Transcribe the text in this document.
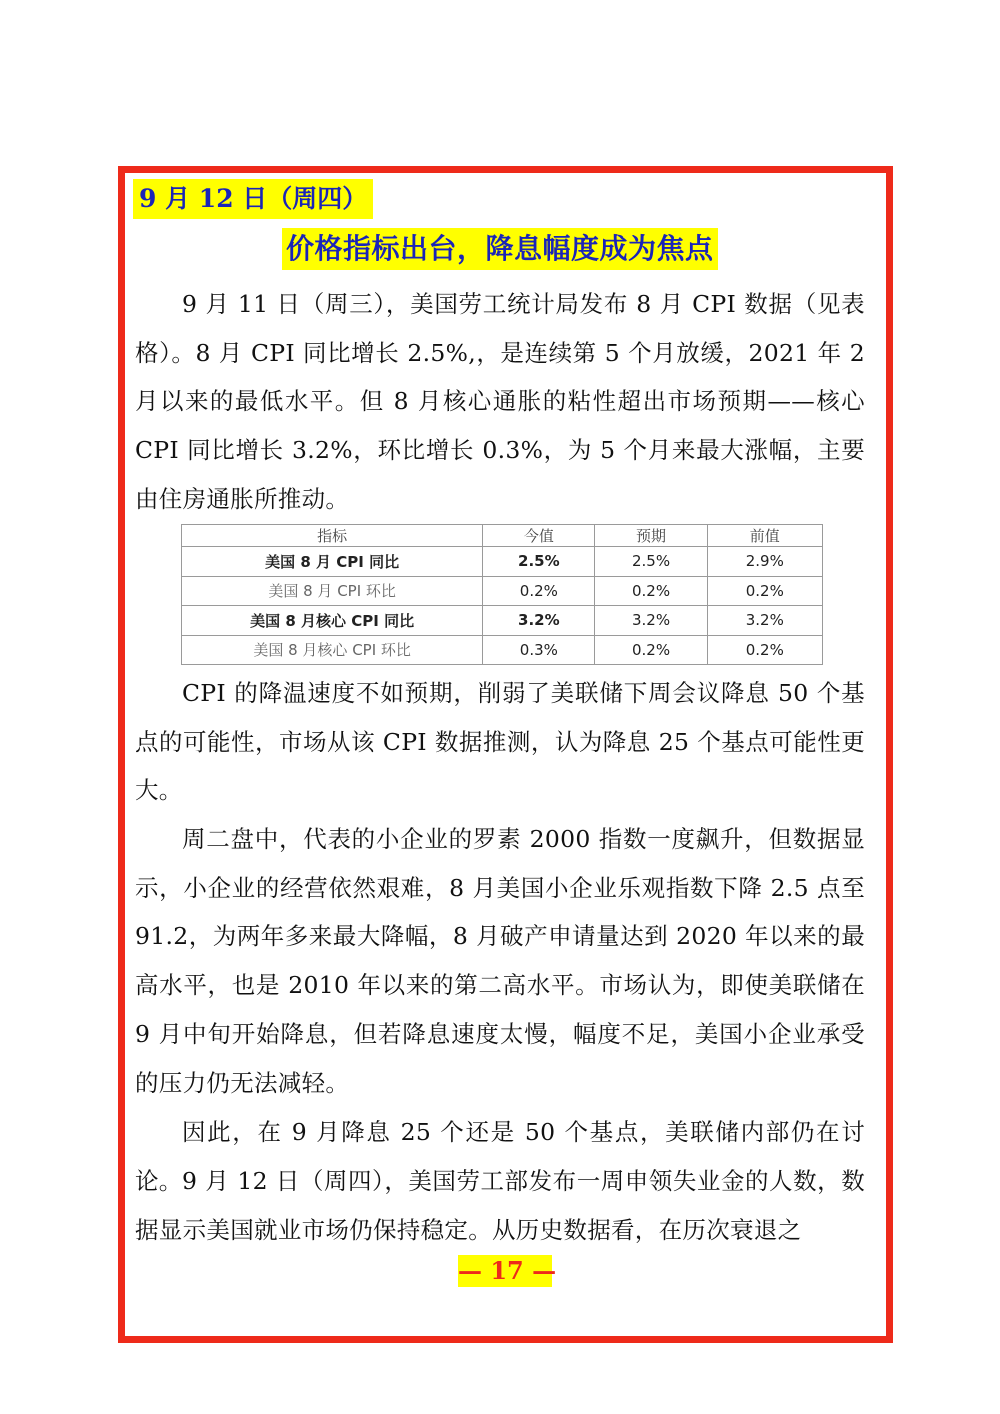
9 月 12 日（周四）
价格指标出台，降息幅度成为焦点

9 月 11 日（周三），美国劳工统计局发布 8 月 CPI 数据（见表格）。8 月 CPI 同比增长 2.5%,，是连续第 5 个月放缓，2021 年 2 月以来的最低水平。但 8 月核心通胀的粘性超出市场预期——核心 CPI 同比增长 3.2%，环比增长 0.3%，为 5 个月来最大涨幅，主要由住房通胀所推动。

指标	今值	预期	前值
美国 8 月 CPI 同比	2.5%	2.5%	2.9%
美国 8 月 CPI 环比	0.2%	0.2%	0.2%
美国 8 月核心 CPI 同比	3.2%	3.2%	3.2%
美国 8 月核心 CPI 环比	0.3%	0.2%	0.2%

CPI 的降温速度不如预期，削弱了美联储下周会议降息 50 个基点的可能性，市场从该 CPI 数据推测，认为降息 25 个基点可能性更大。

周二盘中，代表的小企业的罗素 2000 指数一度飙升，但数据显示，小企业的经营依然艰难，8 月美国小企业乐观指数下降 2.5 点至 91.2，为两年多来最大降幅，8 月破产申请量达到 2020 年以来的最高水平，也是 2010 年以来的第二高水平。市场认为，即使美联储在 9 月中旬开始降息，但若降息速度太慢，幅度不足，美国小企业承受的压力仍无法减轻。

因此，在 9 月降息 25 个还是 50 个基点，美联储内部仍在讨论。 9 月 12 日（周四），美国劳工部发布一周申领失业金的人数，数据显示美国就业市场仍保持稳定。从历史数据看，在历次衰退之

— 17 —
